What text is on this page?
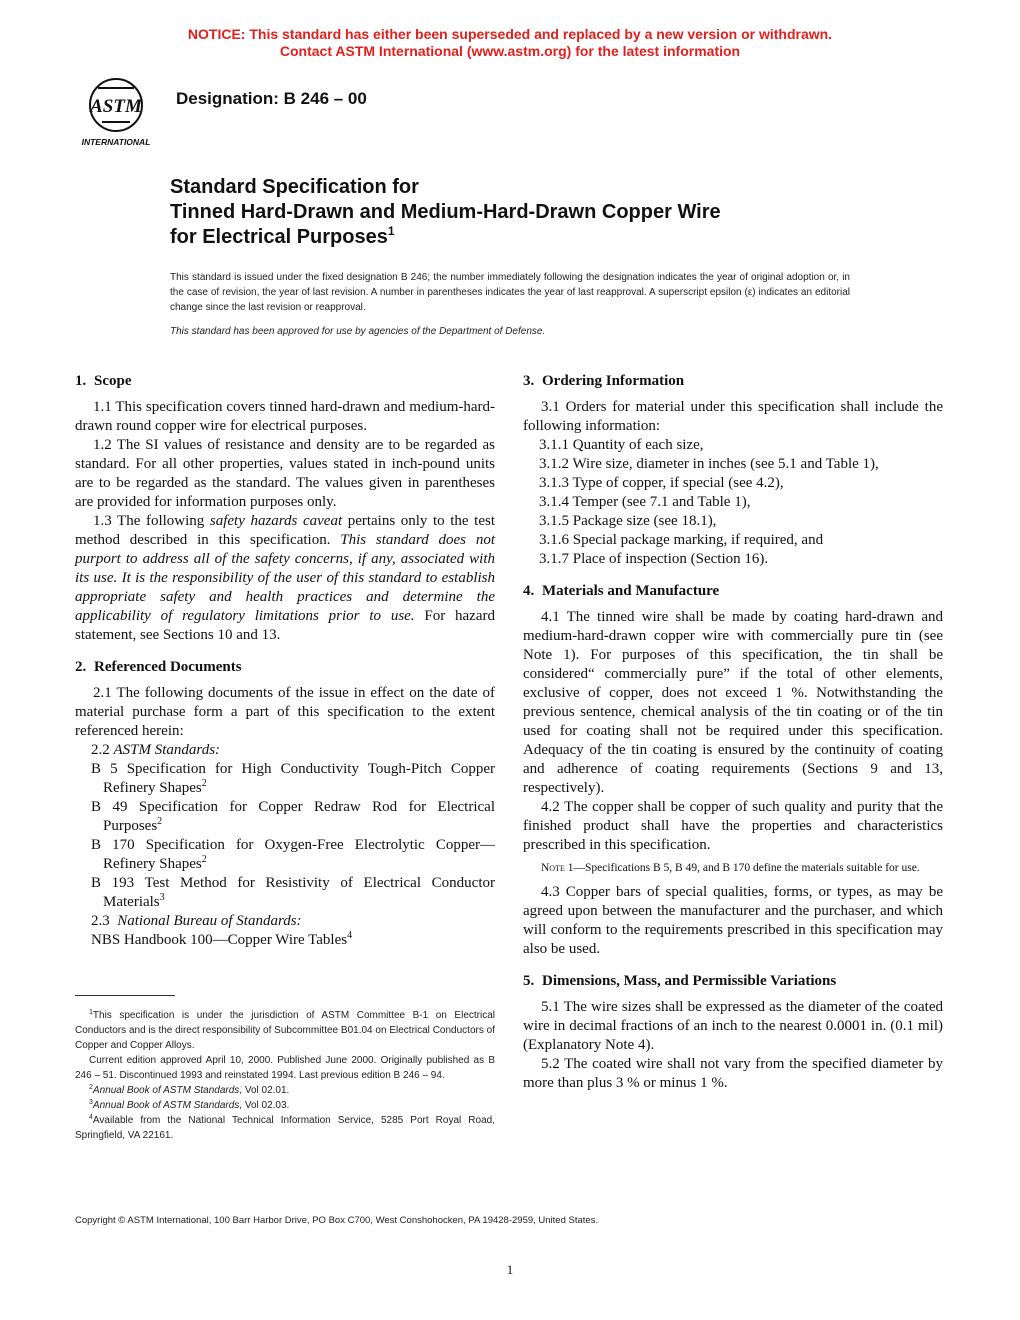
NOTICE: This standard has either been superseded and replaced by a new version or withdrawn.
Contact ASTM International (www.astm.org) for the latest information
ASTM
INTERNATIONAL
Designation: B 246 – 00
Standard Specification for
Tinned Hard-Drawn and Medium-Hard-Drawn Copper Wire
for Electrical Purposes$^1$
This standard is issued under the fixed designation B 246; the number immediately following the designation indicates the year of original adoption or, in the case of revision, the year of last revision. A number in parentheses indicates the year of last reapproval. A superscript epsilon (ε) indicates an editorial change since the last revision or reapproval.
This standard has been approved for use by agencies of the Department of Defense.
1. Scope

1.1 This specification covers tinned hard-drawn and medium-hard-drawn round copper wire for electrical purposes.

1.2 The SI values of resistance and density are to be regarded as standard. For all other properties, values stated in inch-pound units are to be regarded as the standard. The values given in parentheses are provided for information purposes only.

1.3 The following safety hazards caveat pertains only to the test method described in this specification. This standard does not purport to address all of the safety concerns, if any, associated with its use. It is the responsibility of the user of this standard to establish appropriate safety and health practices and determine the applicability of regulatory limitations prior to use. For hazard statement, see Sections 10 and 13.

2. Referenced Documents

2.1 The following documents of the issue in effect on the date of material purchase form a part of this specification to the extent referenced herein:

2.2 ASTM Standards:

B 5 Specification for High Conductivity Tough-Pitch Copper Refinery Shapes$^2$

B 49 Specification for Copper Redraw Rod for Electrical Purposes$^2$

B 170 Specification for Oxygen-Free Electrolytic Copper—Refinery Shapes$^2$

B 193 Test Method for Resistivity of Electrical Conductor Materials$^3$

2.3 National Bureau of Standards:

NBS Handbook 100—Copper Wire Tables$^4$

3. Ordering Information

3.1 Orders for material under this specification shall include the following information:

3.1.1 Quantity of each size,

3.1.2 Wire size, diameter in inches (see 5.1 and Table 1),

3.1.3 Type of copper, if special (see 4.2),

3.1.4 Temper (see 7.1 and Table 1),

3.1.5 Package size (see 18.1),

3.1.6 Special package marking, if required, and

3.1.7 Place of inspection (Section 16).

4. Materials and Manufacture

4.1 The tinned wire shall be made by coating hard-drawn and medium-hard-drawn copper wire with commercially pure tin (see Note 1). For purposes of this specification, the tin shall be considered“ commercially pure” if the total of other elements, exclusive of copper, does not exceed 1 %. Notwithstanding the previous sentence, chemical analysis of the tin coating or of the tin used for coating shall not be required under this specification. Adequacy of the tin coating is ensured by the continuity of coating and adherence of coating requirements (Sections 9 and 13, respectively).

4.2 The copper shall be copper of such quality and purity that the finished product shall have the properties and characteristics prescribed in this specification.

Note 1—Specifications B 5, B 49, and B 170 define the materials suitable for use.

4.3 Copper bars of special qualities, forms, or types, as may be agreed upon between the manufacturer and the purchaser, and which will conform to the requirements prescribed in this specification may also be used.

5. Dimensions, Mass, and Permissible Variations

5.1 The wire sizes shall be expressed as the diameter of the coated wire in decimal fractions of an inch to the nearest 0.0001 in. (0.1 mil) (Explanatory Note 4).

5.2 The coated wire shall not vary from the specified diameter by more than plus 3 % or minus 1 %.

$^1$This specification is under the jurisdiction of ASTM Committee B-1 on Electrical Conductors and is the direct responsibility of Subcommittee B01.04 on Electrical Conductors of Copper and Copper Alloys.
Current edition approved April 10, 2000. Published June 2000. Originally published as B 246 – 51. Discontinued 1993 and reinstated 1994. Last previous edition B 246 – 94.
$^2$Annual Book of ASTM Standards, Vol 02.01.
$^3$Annual Book of ASTM Standards, Vol 02.03.
$^4$Available from the National Technical Information Service, 5285 Port Royal Road, Springfield, VA 22161.
Copyright © ASTM International, 100 Barr Harbor Drive, PO Box C700, West Conshohocken, PA 19428-2959, United States.
1
